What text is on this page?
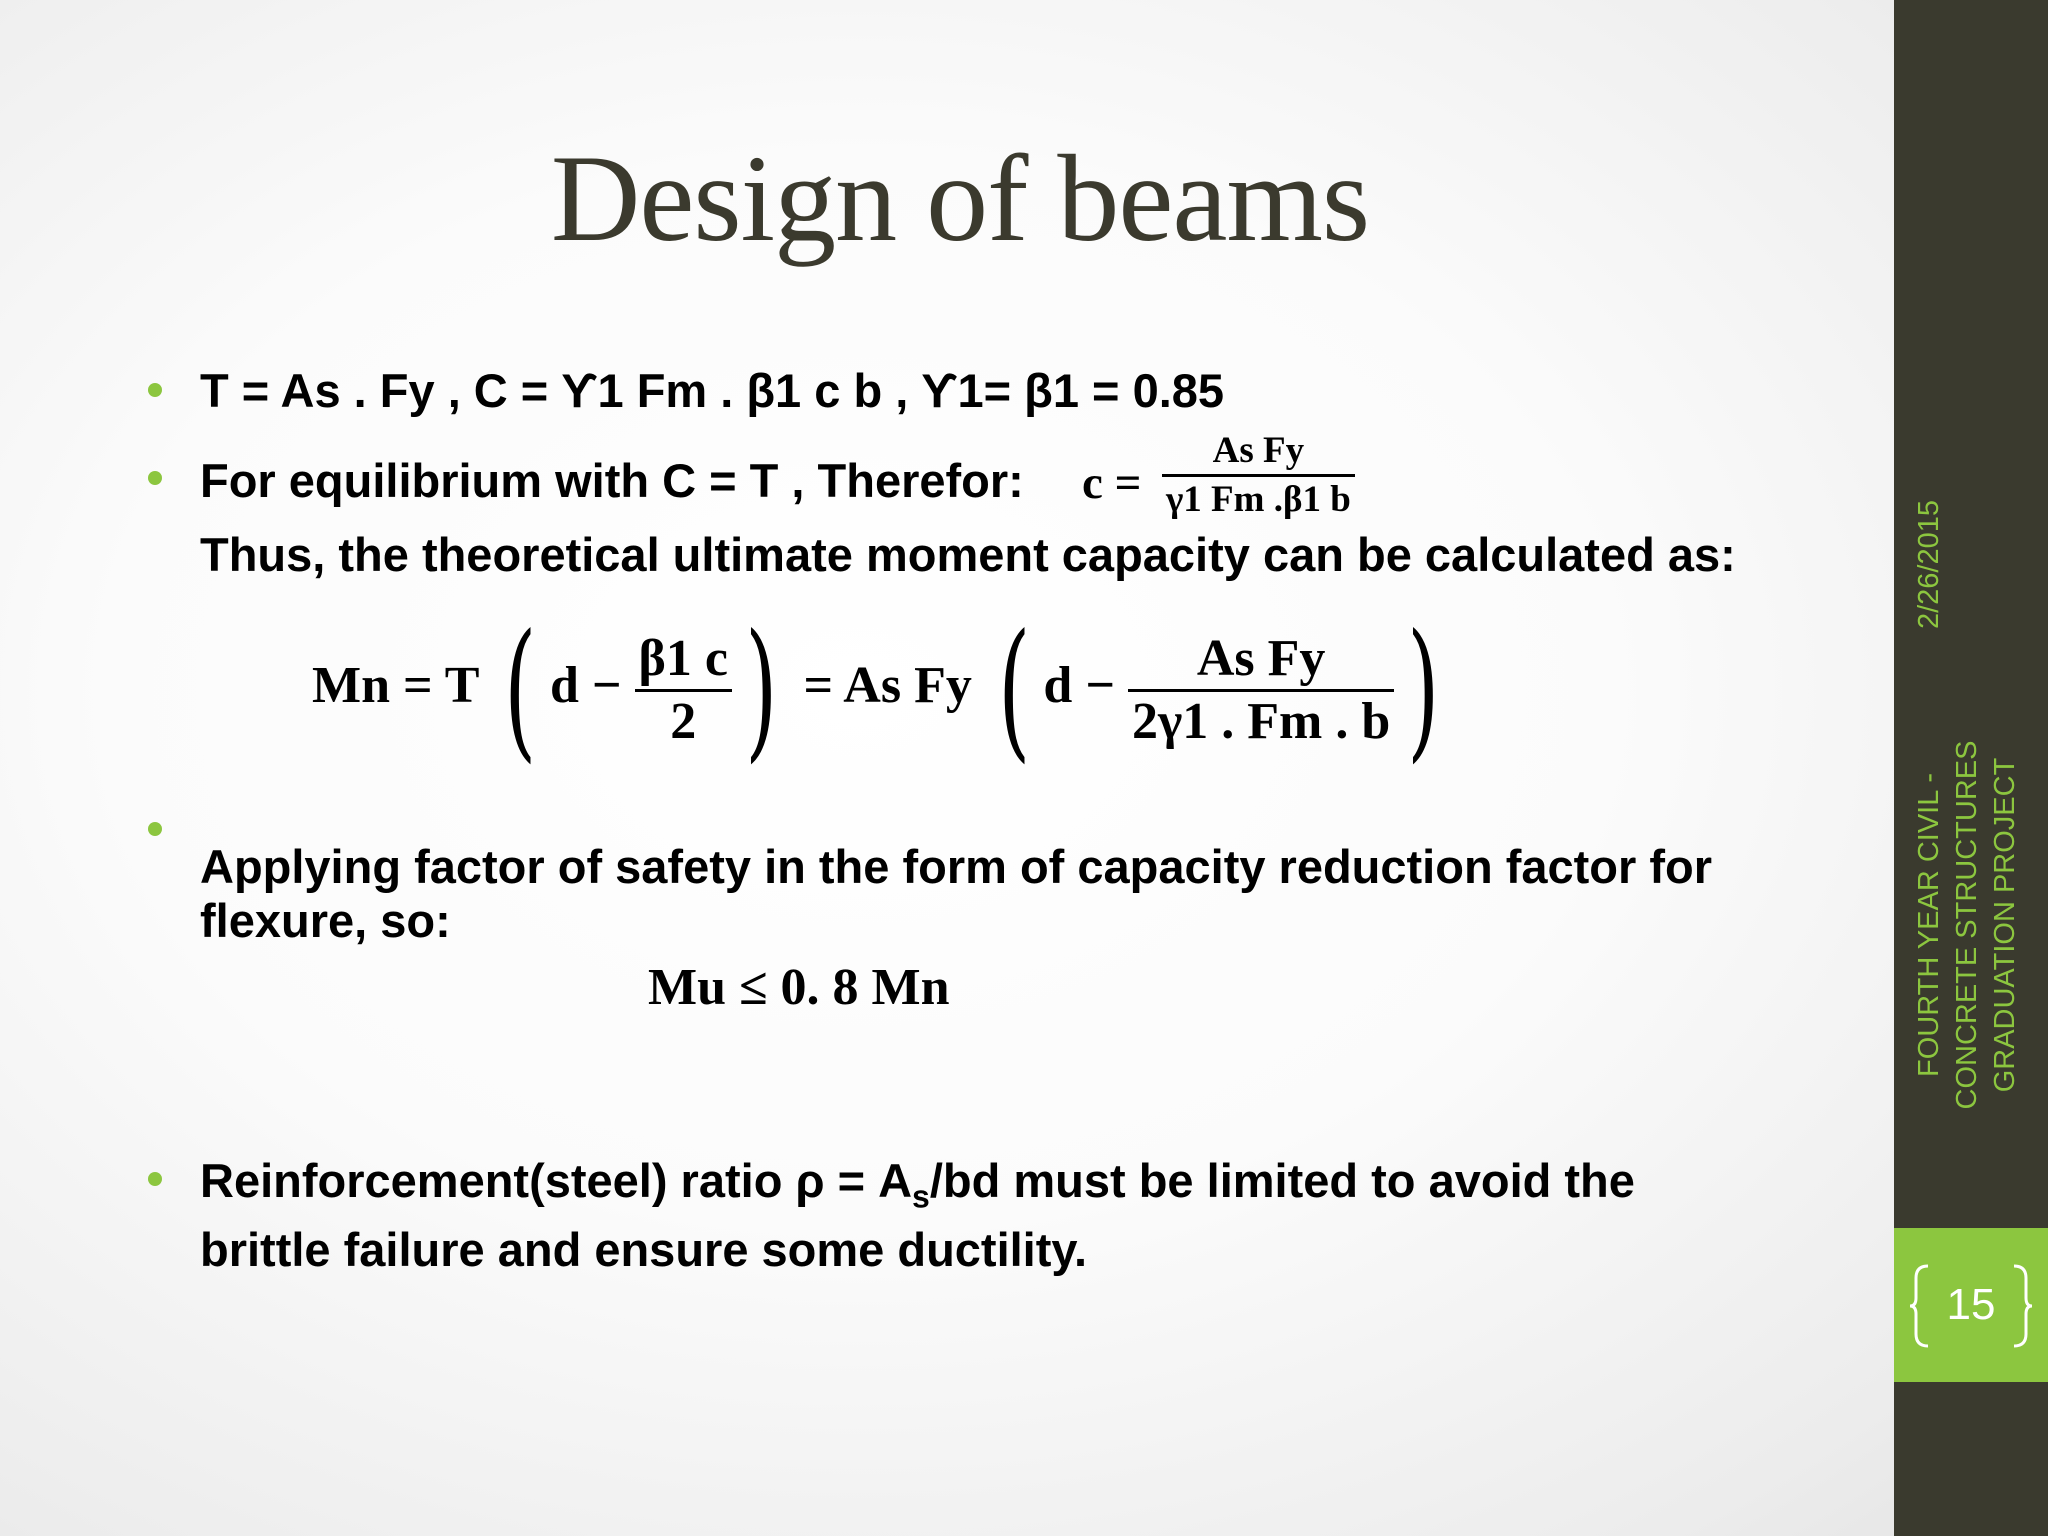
Design of beams
T = As . Fy , C = ϒ1 Fm . β1 c b , ϒ1= β1 = 0.85
For equilibrium with C = T , Therefor:	$c = \frac{\text{As Fy}}{\gamma 1 Fm .\beta 1 b}$
Thus, the theoretical ultimate moment capacity can be calculated as:
Mn = T ( $d - \frac{\beta 1 c}{2}$ ) = As Fy ( $d - \frac{\text{As Fy}}{2\gamma 1 . Fm . b}$ )
Applying factor of safety in the form of capacity reduction factor for flexure, so:
Mu ≤ 0. 8 Mn
Reinforcement(steel) ratio $\rho = A_s/bd$ must be limited to avoid the brittle failure and ensure some ductility.
FOURTH YEAR CIVIL - CONCRETE STRUCTURES GRADUATION PROJECT2/26/2015
15
